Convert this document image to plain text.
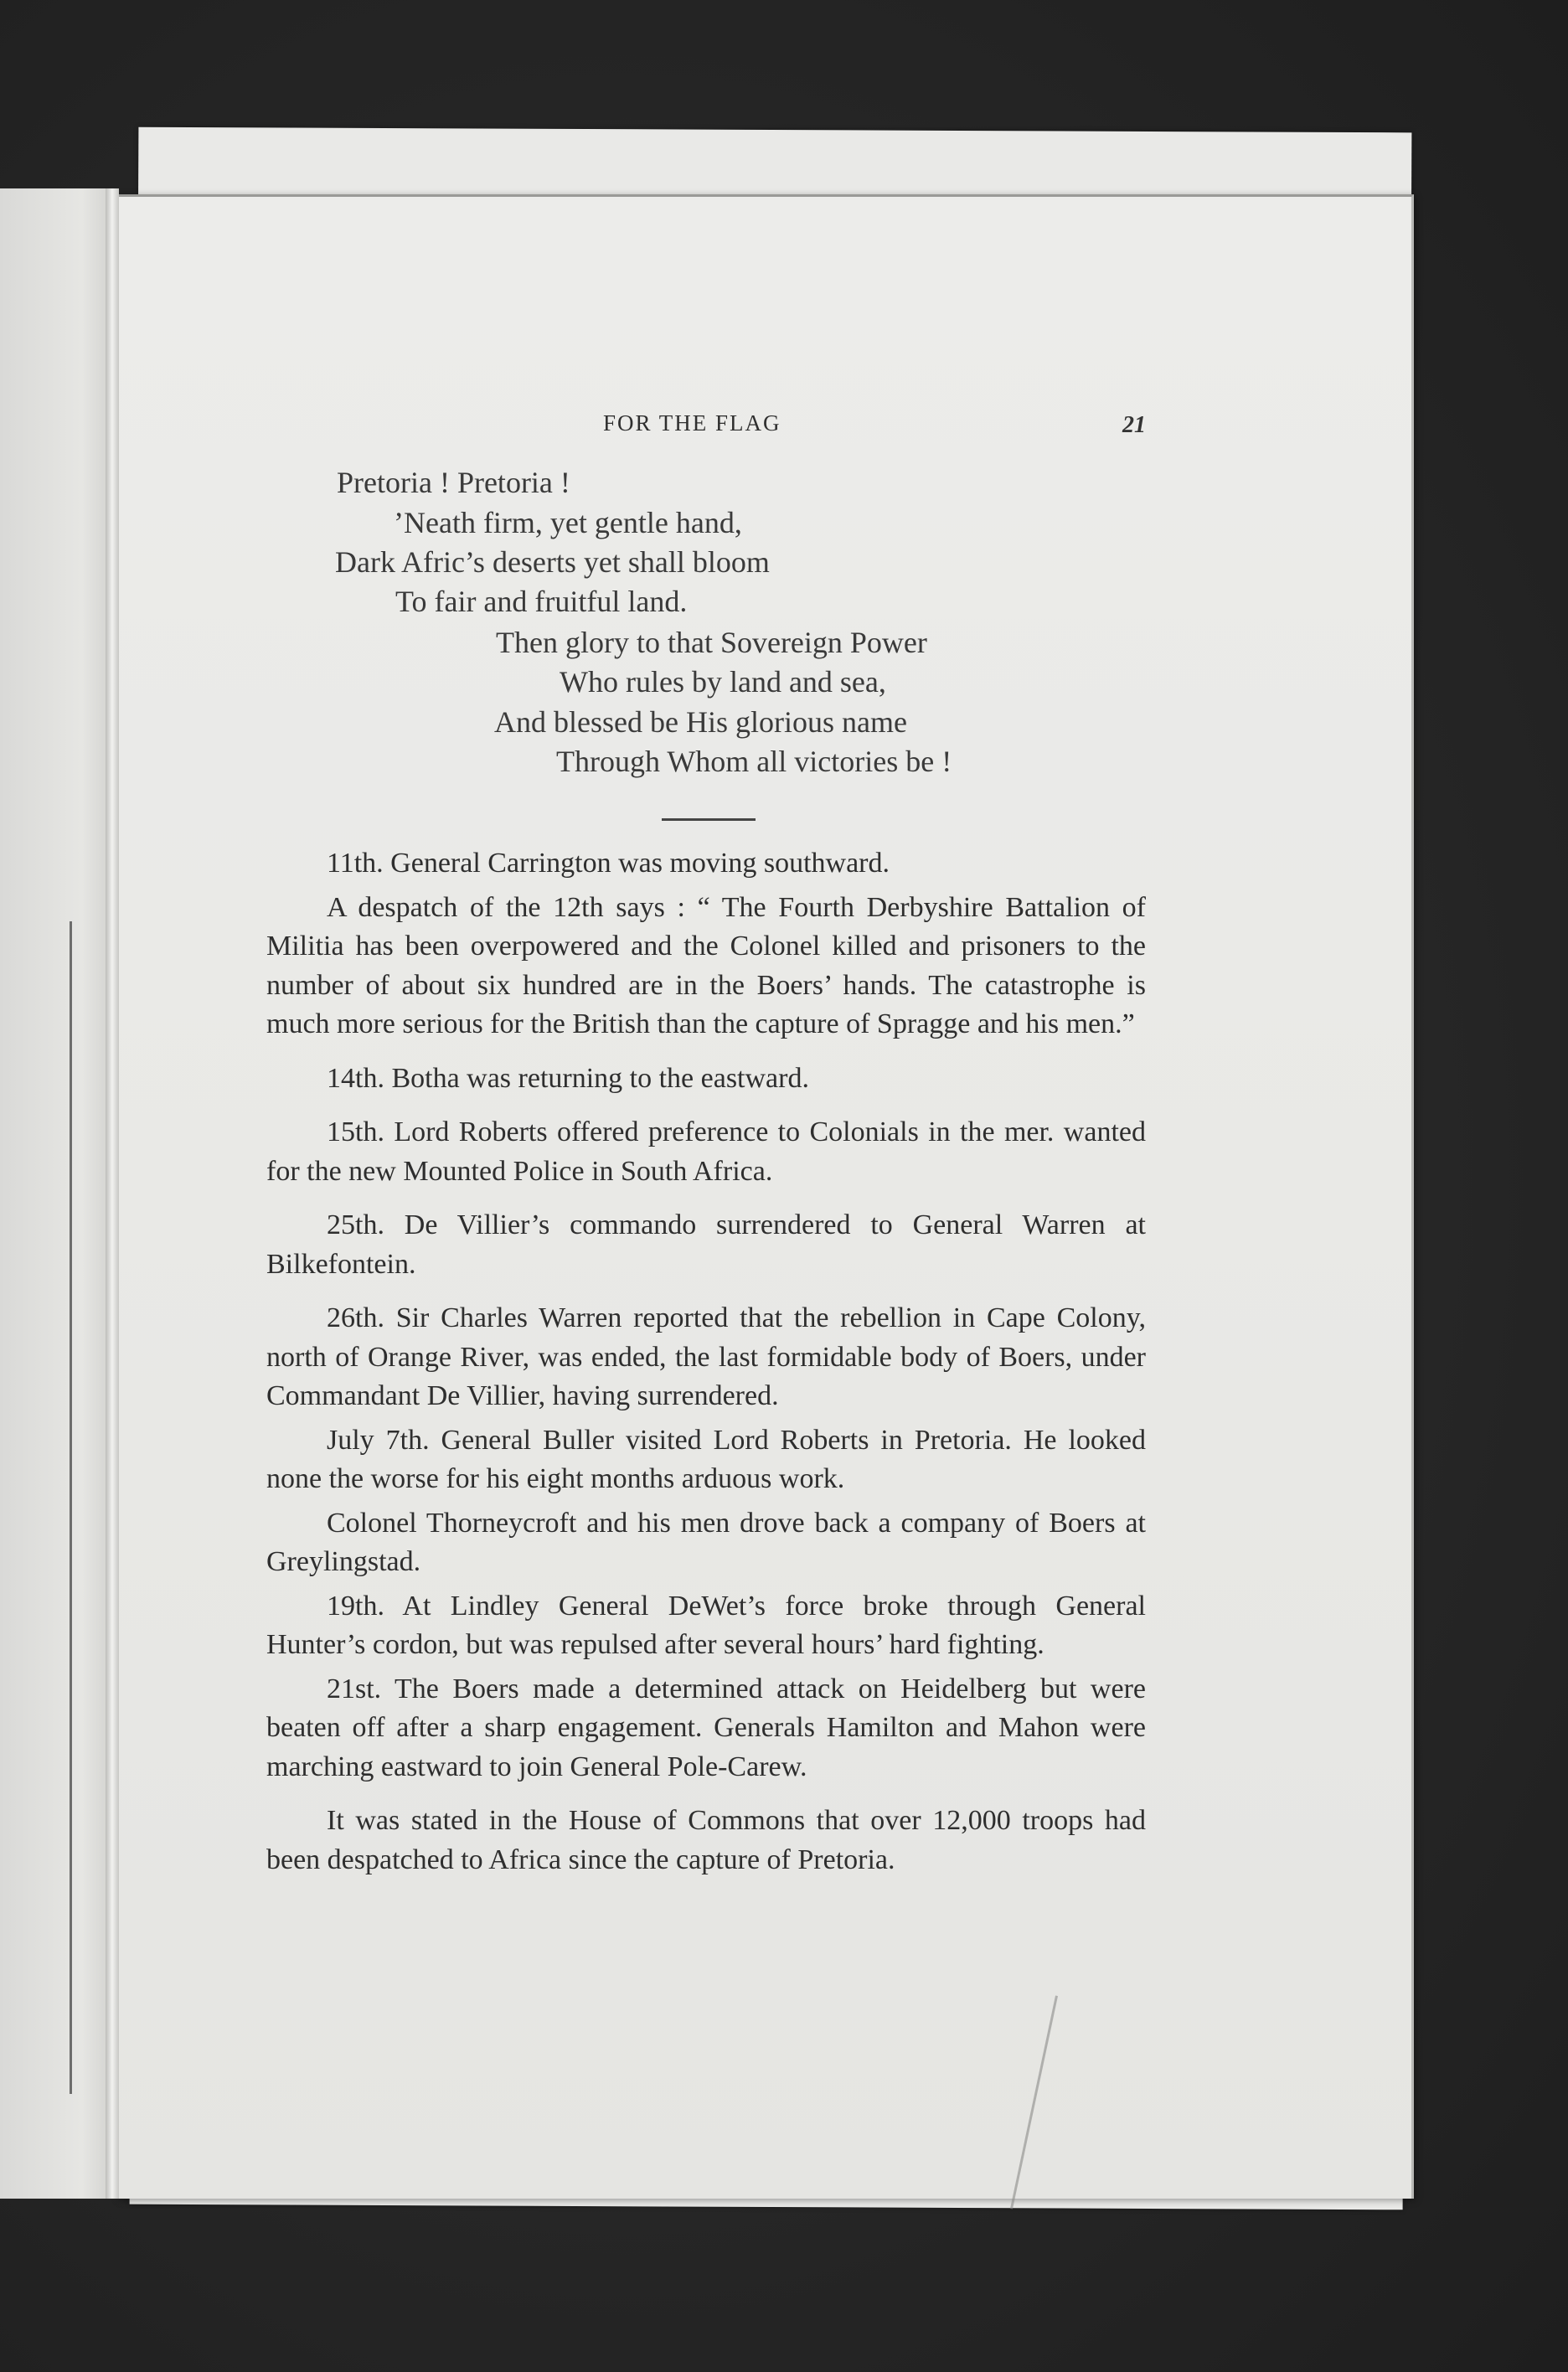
FOR THE FLAG	21
Pretoria ! Pretoria !
’Neath firm, yet gentle hand,
Dark Afric’s deserts yet shall bloom
To fair and fruitful land.
Then glory to that Sovereign Power
Who rules by land and sea,
And blessed be His glorious name
Through Whom all victories be !

11th. General Carrington was moving southward.

A despatch of the 12th says : “ The Fourth Derbyshire Battalion of Militia has been overpowered and the Colonel killed and prisoners to the number of about six hundred are in the Boers’ hands. The catastrophe is much more serious for the British than the capture of Spragge and his men.”

14th. Botha was returning to the eastward.

15th. Lord Roberts offered preference to Colonials in the mer. wanted for the new Mounted Police in South Africa.

25th. De Villier’s commando surrendered to General Warren at Bilkefontein.

26th. Sir Charles Warren reported that the rebellion in Cape Colony, north of Orange River, was ended, the last formidable body of Boers, under Commandant De Villier, having surrendered.

July 7th. General Buller visited Lord Roberts in Pretoria. He looked none the worse for his eight months arduous work.

Colonel Thorneycroft and his men drove back a company of Boers at Greylingstad.

19th. At Lindley General DeWet’s force broke through General Hunter’s cordon, but was repulsed after several hours’ hard fighting.

21st. The Boers made a determined attack on Heidelberg but were beaten off after a sharp engagement. Generals Hamilton and Mahon were marching eastward to join General Pole-Carew.

It was stated in the House of Commons that over 12,000 troops had been despatched to Africa since the capture of Pretoria.
